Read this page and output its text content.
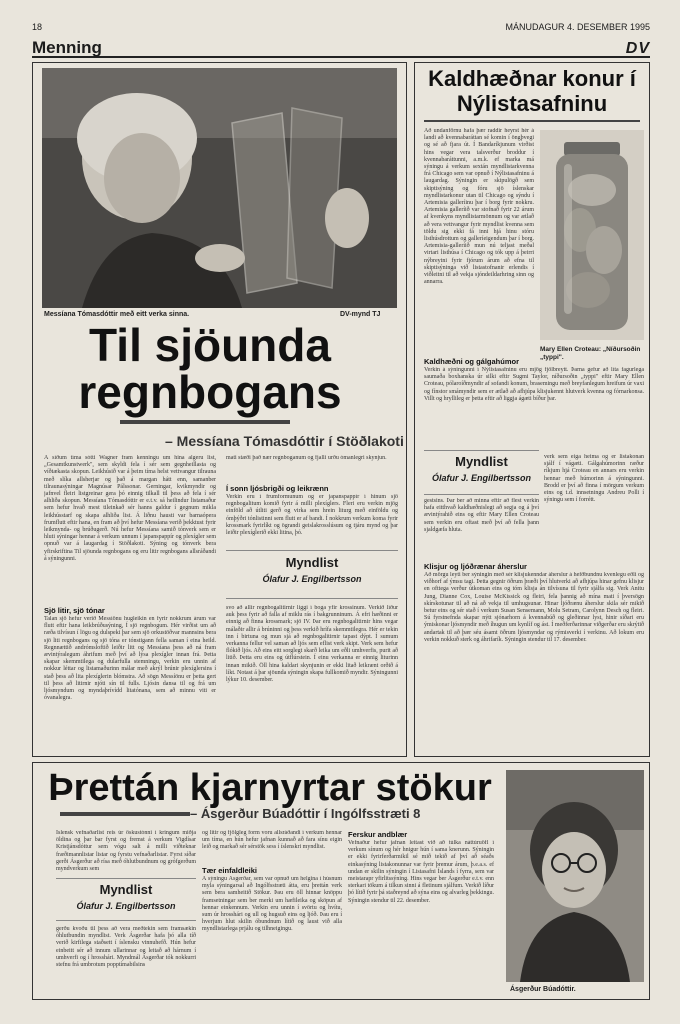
18	MÁNUDAGUR 4. DESEMBER 1995
Menning	DV
Messíana Tómasdóttir með eitt verka sinna.	DV-mynd TJ
Til sjöunda regnbogans
– Messíana Tómasdóttir í Stöðlakoti
Á síðum tíma sótti Wagner fram kenningu um hina algeru list, „Gesamtkunstwerk", sem skyldi fela í sér sem gegnheillasta og víðtækasta skopun. Leikhúsið var á þeim tíma helst vettvangur tilrauna með slíka allsherjar og það á margan hátt enn, samanber tilraunasýningar Magnúsar Pálssonar. Gerningar, kvikmyndir og jafnvel fleiri listgreinar gera þó einnig tilkall til þess að fela í sér alhliða skopun. Messíana Tómasdóttir er e.t.v. sá heilindur listamaður sem hefur hvað mest tileinkað sér hanns galdur í gegnum mikla leikhússtarf og skapa alhliða list. Á liðnu hausti var barnaópera frumflutt eftir hana, en fram að því hefur Messíana verið þekktust fyrir leikmynda- og brúðugerð. Nú hefur Messíana samið tónverk sem er hluti sýningar hennar á verkum unnum í japanspappír og plexígler sem opnuð var á laugardag í Stöðlakoti. Sýning og tónverk bera yfirskriftina Til sjöunda regnbogans og eru litir regnbogans allsráðandi á sýningunni.
Sjö litir, sjö tónar
Talan sjö hefur verið Messíönu hugleikin en fyrir nokkrum árum var flutt eftir hana leikbrúðusýning, Í sjö regnbogum. Hér virðist um að ræða tilvísun í lögu og dulspeki þar sem sjö orkustöðvar mannsins bera sjö liti regnbogans og sjö tóna er tónstigann fella saman í eina heild. Regnnættið andrómsloftið leiðir litt og Messíana þess að ná fram ævintýralegum áhrifum með því að lýsa plexígler innan frá. Þetta skapar skemmtilega og dularfulla stemningu, verkin eru unnin af nokkur léttar og listamaðurinn málar með akrýl brúnir plexíglersins í stað þess að lita plexíglerin blómstra. Að sögn Messíönu er þetta gert til þess að litirnir njóti sín til fulls. Ljósin dansa til og frá um ljósmyndum og myndaþrívídd litatónana, sem að minnu viti er óvanalegra.
mati stæði það nær regnboganum og fjalli urðu ómanlegri skynjun.
Í sonn ljósbrigði og leikrænn
Verkin eru í frumformunum og er japanspappír í hinum sjö regnbogalitum komið fyrir á milli plexíglers. Fleri eru verkin mjög einföld að útliti gerð og virka sem hrein liturg með einföldu og ómþýðri tónlistinni sem flutt er af bandi. Í nokkrum verkum koma fyrir krossmark fyrirlíkt og ögrandi geislakrosslúsum og tjáru mynd og þar leiðir plexíglerið ekki litina, þó.
Myndlist
Ólafur J. Engilbertsson
svo að allir regnbogalitirnir liggi í boga yfir krossinum. Verkið líður auk þess fyrir að falla af miklu rás í bakgrunninum. Á efri hæðinni er einnig að finna krossmark; sjö IV. Þar eru regnbogalitirnir hins vegar málaðir allir á brúninni og þess verkið hrífa skemmtilegra. Hér er tekin inn í birtuna og mun sjá að regnbogalitirnir tapast dýpt. Í sumum verkanna fellur vel saman að ljós sem eflist verk skipt. Verk sem hefur flókið ljós. Að eins eitt sorglegt skarð leika um eðli umhverfis, purit að litið. Þetta eru eins og útflúrstein. Í einu verkanna er einnig liturinn innan mikið. Öll hina kaldari skynjunin er ekki litað leikrænt orðið á líkt. Notast á þar sjöunda sýningin skapa fullkomið myndir. Sýningunni lýkur 10. desember.
Kaldhæðnar konur í Nýlistasafninu
Að undanförnu hafa þær raddir heyrst hér á landi að kvennabaráttan sé komin í öngþvegi og sé að fjara út. Í Bandaríkjunum virðist hins vegar vera talsverður broddur í kvennabaráttunni, a.m.k. ef marka má sýningu á verkum sextán myndlistarkvenna frá Chicago sem var opnuð í Nýlistasafninu á laugardag. Sýningin er skipulögð sem skiptisýning og fóru sjö íslenskar myndlistarkonur utan til Chicago og sýndu í Artemisia galleríinu þar í borg fyrir nokkru. Artemisia galleríið var stofnað fyrir 22 árum af kvenkyns myndlistarmönnum og var ætlað að vera vettvangur fyrir myndlist kvenna sem töldu sig ekki fá inni hjá hinu stóru listhúsdrottum og galleríeigendum þar í borg. Artemisia-galleríið mun nú teljast meðal virtari listhúsa í Chicago og tók upp á þeirri nýbreytni fyrir fjórum árum að efna til skiptisýninga við listastofnanir erlendis í viðleitni til að vekja sjóndeildarhring sinn og annarra.
Mary Ellen Croteau: „Níðursoðin „typpi".
Kaldhæðni og gálgahúmor
Verkin á sýningunni í Nýlistasafninu eru mjög fjölbreytt. Þarna gefur að líta fagurlega saumaða boxhanska úr silki eftir Sugmi Taylor, níðursoðin „typpi" eftir Mary Ellen Croteau, pólaroíðmyndir af sofandi konum, brasemingu með breyfanlegum hreifum úr vaxi og fínstor smámyndir sem er ætlað að afhjúpa klisjukennt hlutverk kvenna og fórnarkonsa. Villt og hryllileg er þetta eftir að liggja ágæti bíður þar.
Myndlist
Ólafur J. Engilbertsson
gestsins. Þar ber að minna eftir að flest verkin hafa eitthvað kaldhæðnislegt að segja og á því ævintýrahið eins og eftir Mary Ellen Croteau sem verkin eru oftast með því að fella þann sjaldgæfa hluta.
verk sem eiga heima og er listakonan sjálf í vágæti. Gálgahúmorinn ræður ríkjum hjá Croteau en annars eru verkin hennar með húmorinn á sýningunni. Brodd er því að finna í mörgum verkum eins og t.d. innsetningu Andreu Polli í sýningu sem í forrétt.
Klisjur og ljóðrænar áherslur
Að mörgu leyti ber sýningin með sér klisjukenndar áherslur á hefðbundnu kvenlegu eðli og viðhorf af ýmsu tagi. Þetta gegnir öðrum þræði því hlutverki að afhjúpa hinar gefnu klisjur en ofttega verður útkoman eins og tóm klisja án tilvísuna til fyrir sjálfa sig. Verk Anitu Jung, Dianne Cox, Louise McKissick og fleiri, fela þannig að mína mati í þversögn skírskotunar til að ná að vekja til umhugsunar. Hinar ljóðrænu áherslur skila sér mikið betur eins og sér stað í verkum Susan Sensemann, Molu Setram, Carolynn Desch og fleiri. Sú fyrstnefnda skapar nýtt sjónarhorn á kvennabúð og gleðinnar lyst, hinir síðari eru ýmiskonar ljósmyndir með íhugun um kynlíf og ást. Í meðferðarinnar viðgerðar eru skrýtið andartak til að þær séu ásamt öðrum ljósmyndar og rýmisverki í verkinu. Að lokum eru verkin nokkuð sterk og áhrifarík. Sýningin stendur til 17. desember.
Þrettán kjarnyrtar stökur
– Ásgerður Búadóttir í Ingólfsstræti 8
Íslensk vefnaðarlist reis úr öskustónni í kringum miðja öldina og þar bar fyrst og fremst á verkum Vigdísar Kristjánsdóttur sem vógu salt á milli viðteknar fræðimannlistar listar og fyrstu vefnaðarlistar. Fyrst síðar gerði Ásgerður að rísa með óhlutbundnum og grófgerðum myndverkum sem
Myndlist
Ólafur J. Engilbertsson
gerðu kvoðu til þess að vera meðtekin sem framsækin óhlutbundin myndlist. Verk Ásgerðar hafa þó alla tíð verið kirfilega staðsett í íslensku vinnuhefð. Hún hefur einbeitt sér að innum ullarinnar og leitað að hárnum í umhverfi og í hrosshári. Myndmál Ásgerðar tók nokkurri stefnu frá umbrotum popptímabilsins
og litir og fjölgleg form voru allsráðandi í verkum hennar um tíma, en hún hefur jafnan kunnað að fara sínu eigin leið og markað sér sérstök sess í íslenskri myndlist.
Tær einfaldleiki
Á sýningu Ásgerðar, sem var opnuð um helgina í húsnum myla sýningarsal að Ingólfsstræti átta, eru þrettán verk sem bera samheitið Stökur. Þau eru öll hinnar knöppu framsetningar sem ber merki um hæfileika og sköpun af hennar einkennum. Verkin eru unnin í svörtu og hvítu, sum úr hrosshári og ull og hugsuð eins og ljóð. Þau eru í hverjum hlut skilin óbundnum lítið og laust við alla myndlistarlega prjálu og tilhneigingu.
Ferskur andblær
Vefnaður hefur jafnan leitast við að túlka náttúruöfl í verkum sínum og hér hnigur hún í sama knerunn. Sýningin er ekki fyrirferðarmikil sé mið tekið af því að séaðs einkasýning listakonunnar var fyrir þremur árum, þ.e.a.s. ef undan er skilin sýningin í Listasafni Íslands í fyrra, sem var meistarapr yfirlitssýning. Hins vegar ber Ásgerður e.t.v. enn sterkari tökum á tilkun sinni á fletinum sjálfum. Verkið líður þó lítið fyrir þá staðreynd að sýna eins og alvarleg þekkingu. Sýningin stendur til 22. desember.
Ásgerður Búadóttir.
